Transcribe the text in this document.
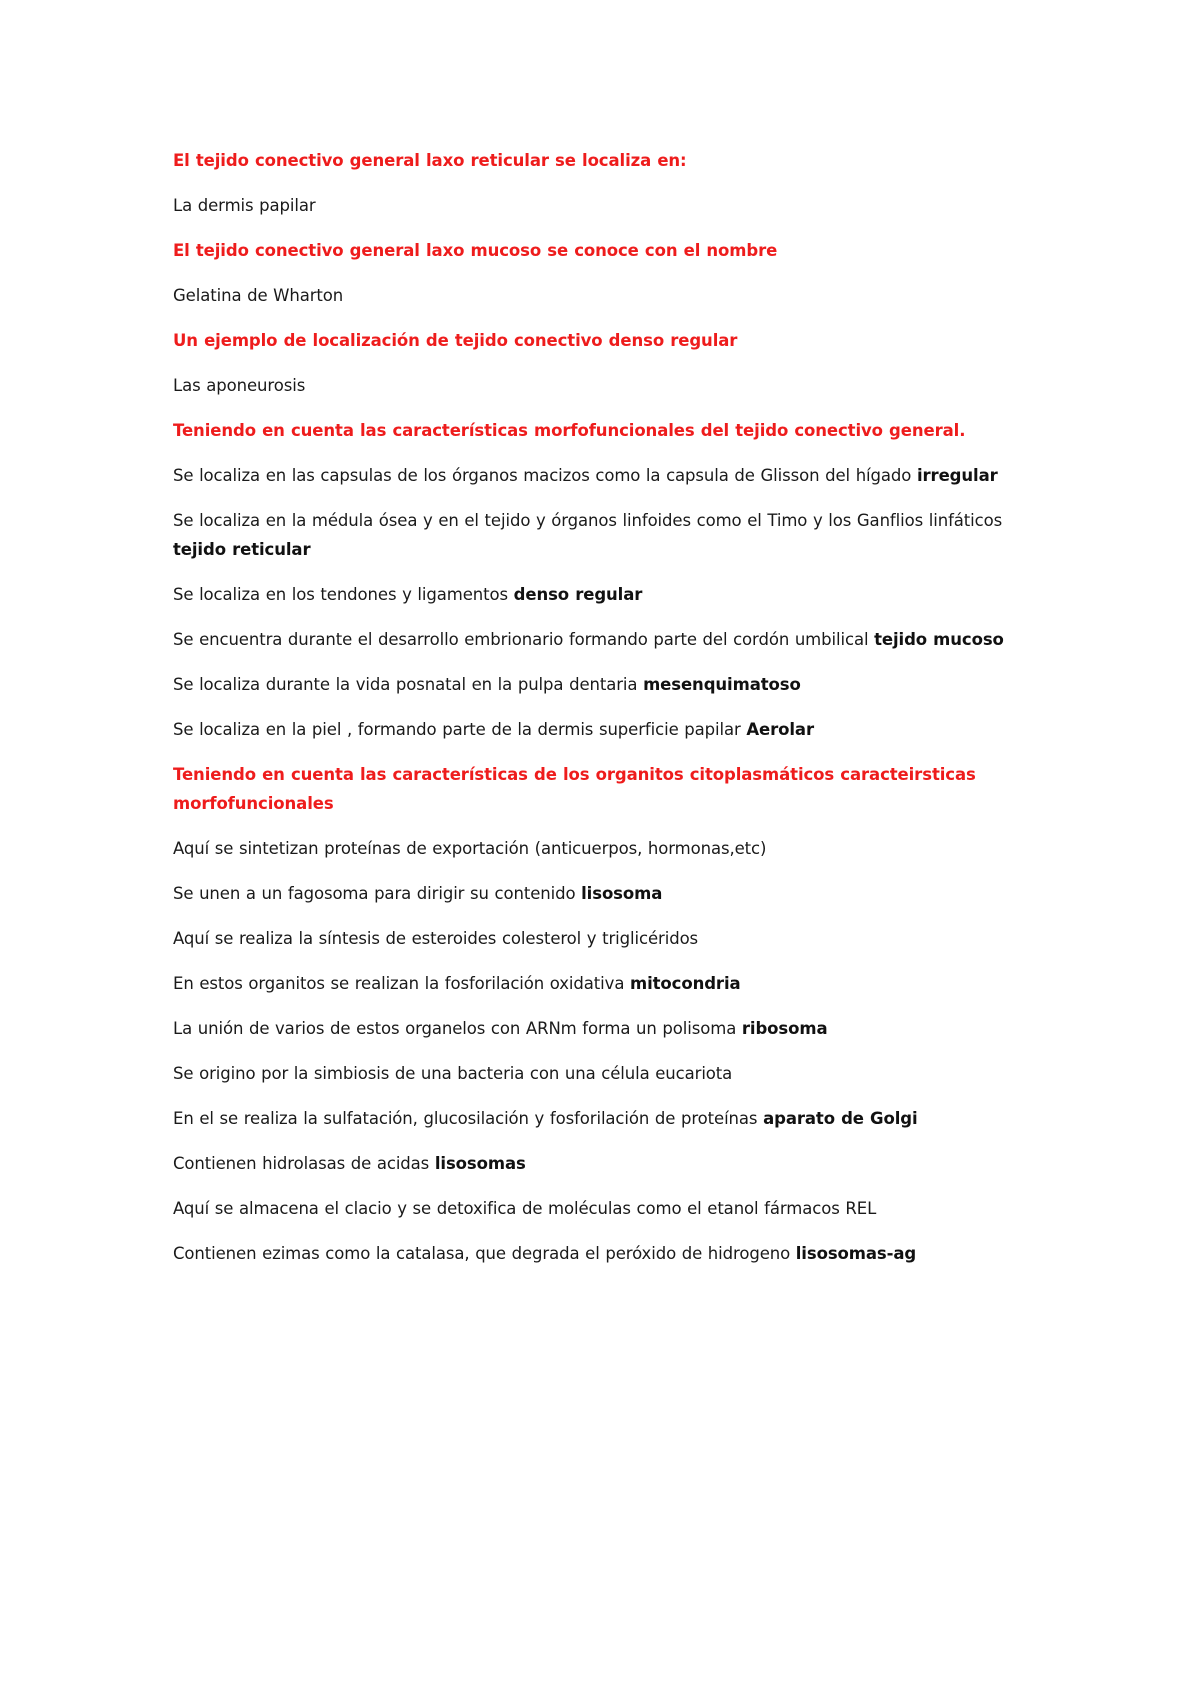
El tejido conectivo general laxo reticular se localiza en:

La dermis papilar

El tejido conectivo general laxo mucoso se conoce con el nombre

Gelatina de Wharton

Un ejemplo de localización de tejido conectivo denso regular

Las aponeurosis

Teniendo en cuenta las características morfofuncionales del tejido conectivo general.

Se localiza en las capsulas de los órganos macizos como la capsula de Glisson del hígado irregular

Se localiza en la médula ósea y en el tejido y órganos linfoides como el Timo y los Ganflios linfáticos tejido reticular

Se localiza en los tendones y ligamentos denso regular

Se encuentra durante el desarrollo embrionario formando parte del cordón umbilical tejido mucoso

Se localiza durante la vida posnatal en la pulpa dentaria mesenquimatoso

Se localiza en la piel , formando parte de la dermis superficie papilar Aerolar

Teniendo en cuenta las características de los organitos citoplasmáticos caracteirsticas morfofuncionales

Aquí se sintetizan proteínas de exportación (anticuerpos, hormonas,etc)

Se unen a un fagosoma para dirigir su contenido lisosoma

Aquí se realiza la síntesis de esteroides colesterol y triglicéridos

En estos organitos se realizan la fosforilación oxidativa mitocondria

La unión de varios de estos organelos con ARNm forma un polisoma ribosoma

Se origino por la simbiosis de una bacteria con una célula eucariota

En el se realiza la sulfatación, glucosilación y fosforilación de proteínas aparato de Golgi

Contienen hidrolasas de acidas lisosomas

Aquí se almacena el clacio y se detoxifica de moléculas como el etanol fármacos REL

Contienen ezimas como la catalasa, que degrada el peróxido de hidrogeno lisosomas-ag
